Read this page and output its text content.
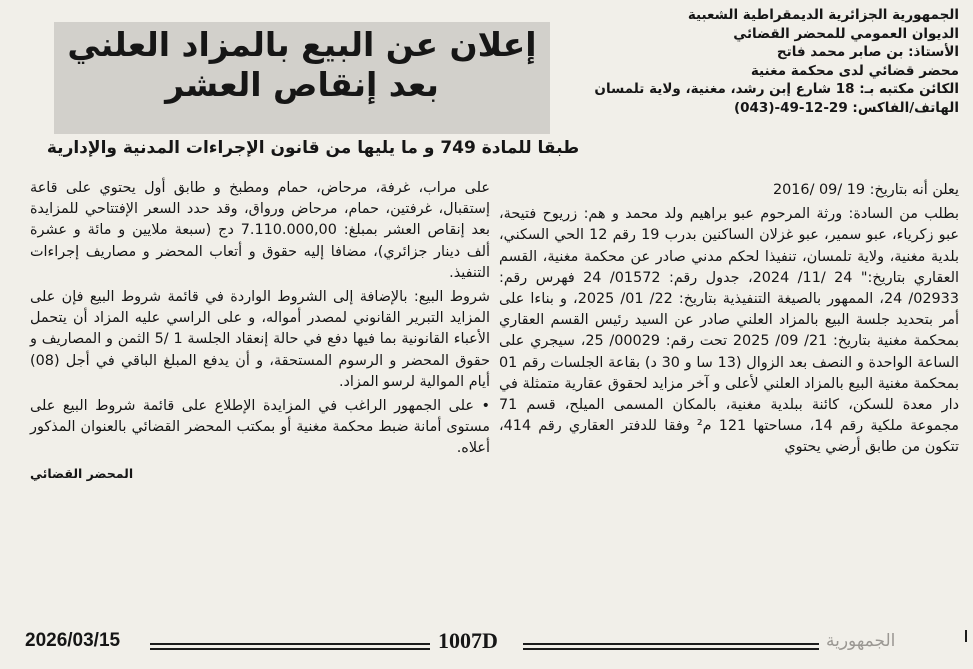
الجمهورية الجزائرية الديمقراطية الشعبية
الديوان العمومي للمحضر القضائي
الأستاذ: بن صابر محمد فاتح
محضر قضائي لدى محكمة مغنية
الكائن مكتبه بـ: 18 شارع إبن رشد، مغنية، ولاية تلمسان
الهاتف/الفاكس: 29-12-49-(043)
إعلان عن البيع بالمزاد العلني
بعد إنقاص العشر
طبقا للمادة 749 و ما يليها من قانون الإجراءات المدنية والإدارية

يعلن أنه بتاريخ: 19 /09 /2016

بطلب من السادة: ورثة المرحوم عبو براهيم ولد محمد و هم: زريوح فتيحة، عبو زكرياء، عبو سمير، عبو غزلان الساكنين بدرب 19 رقم 12 الحي السكني، بلدية مغنية، ولاية تلمسان، تنفيذا لحكم مدني صادر عن محكمة مغنية، القسم العقاري بتاريخ:" 24 /11/ 2024، جدول رقم: 01572/ 24 فهرس رقم: 02933/ 24، الممهور بالصيغة التنفيذية بتاريخ: 22/ 01/ 2025، و بناءا على أمر بتحديد جلسة البيع بالمزاد العلني صادر عن السيد رئيس القسم العقاري بمحكمة مغنية بتاريخ: 21/ 09/ 2025 تحت رقم: 00029/ 25، سيجري على الساعة الواحدة و النصف بعد الزوال (13 سا و 30 د) بقاعة الجلسات رقم 01 بمحكمة مغنية البيع بالمزاد العلني لأعلى و آخر مزايد لحقوق عقارية متمثلة في دار معدة للسكن، كائنة ببلدية مغنية، بالمكان المسمى الميلح، قسم 71 مجموعة ملكية رقم 14، مساحتها 121 م² وفقا للدفتر العقاري رقم 414، تتكون من طابق أرضي يحتوي

على مراب، غرفة، مرحاض، حمام ومطبخ و طابق أول يحتوي على قاعة إستقبال، غرفتين، حمام، مرحاض ورواق، وقد حدد السعر الإفتتاحي للمزايدة بعد إنقاص العشر بمبلغ: 7.110.000,00 دج (سبعة ملايين و مائة و عشرة ألف دينار جزائري)، مضافا إليه حقوق و أتعاب المحضر و مصاريف إجراءات التنفيذ.

شروط البيع: بالإضافة إلى الشروط الواردة في قائمة شروط البيع فإن على المزايد التبرير القانوني لمصدر أمواله، و على الراسي عليه المزاد أن يتحمل الأعباء القانونية بما فيها دفع في حالة إنعقاد الجلسة 1 /5 الثمن و المصاريف و حقوق المحضر و الرسوم المستحقة، و أن يدفع المبلغ الباقي في أجل (08) أيام الموالية لرسو المزاد.

• على الجمهور الراغب في المزايدة الإطلاع على قائمة شروط البيع على مستوى أمانة ضبط محكمة مغنية أو بمكتب المحضر القضائي بالعنوان المذكور أعلاه.

المحضر القضائي
2026/03/15	1007D	الجمهورية
